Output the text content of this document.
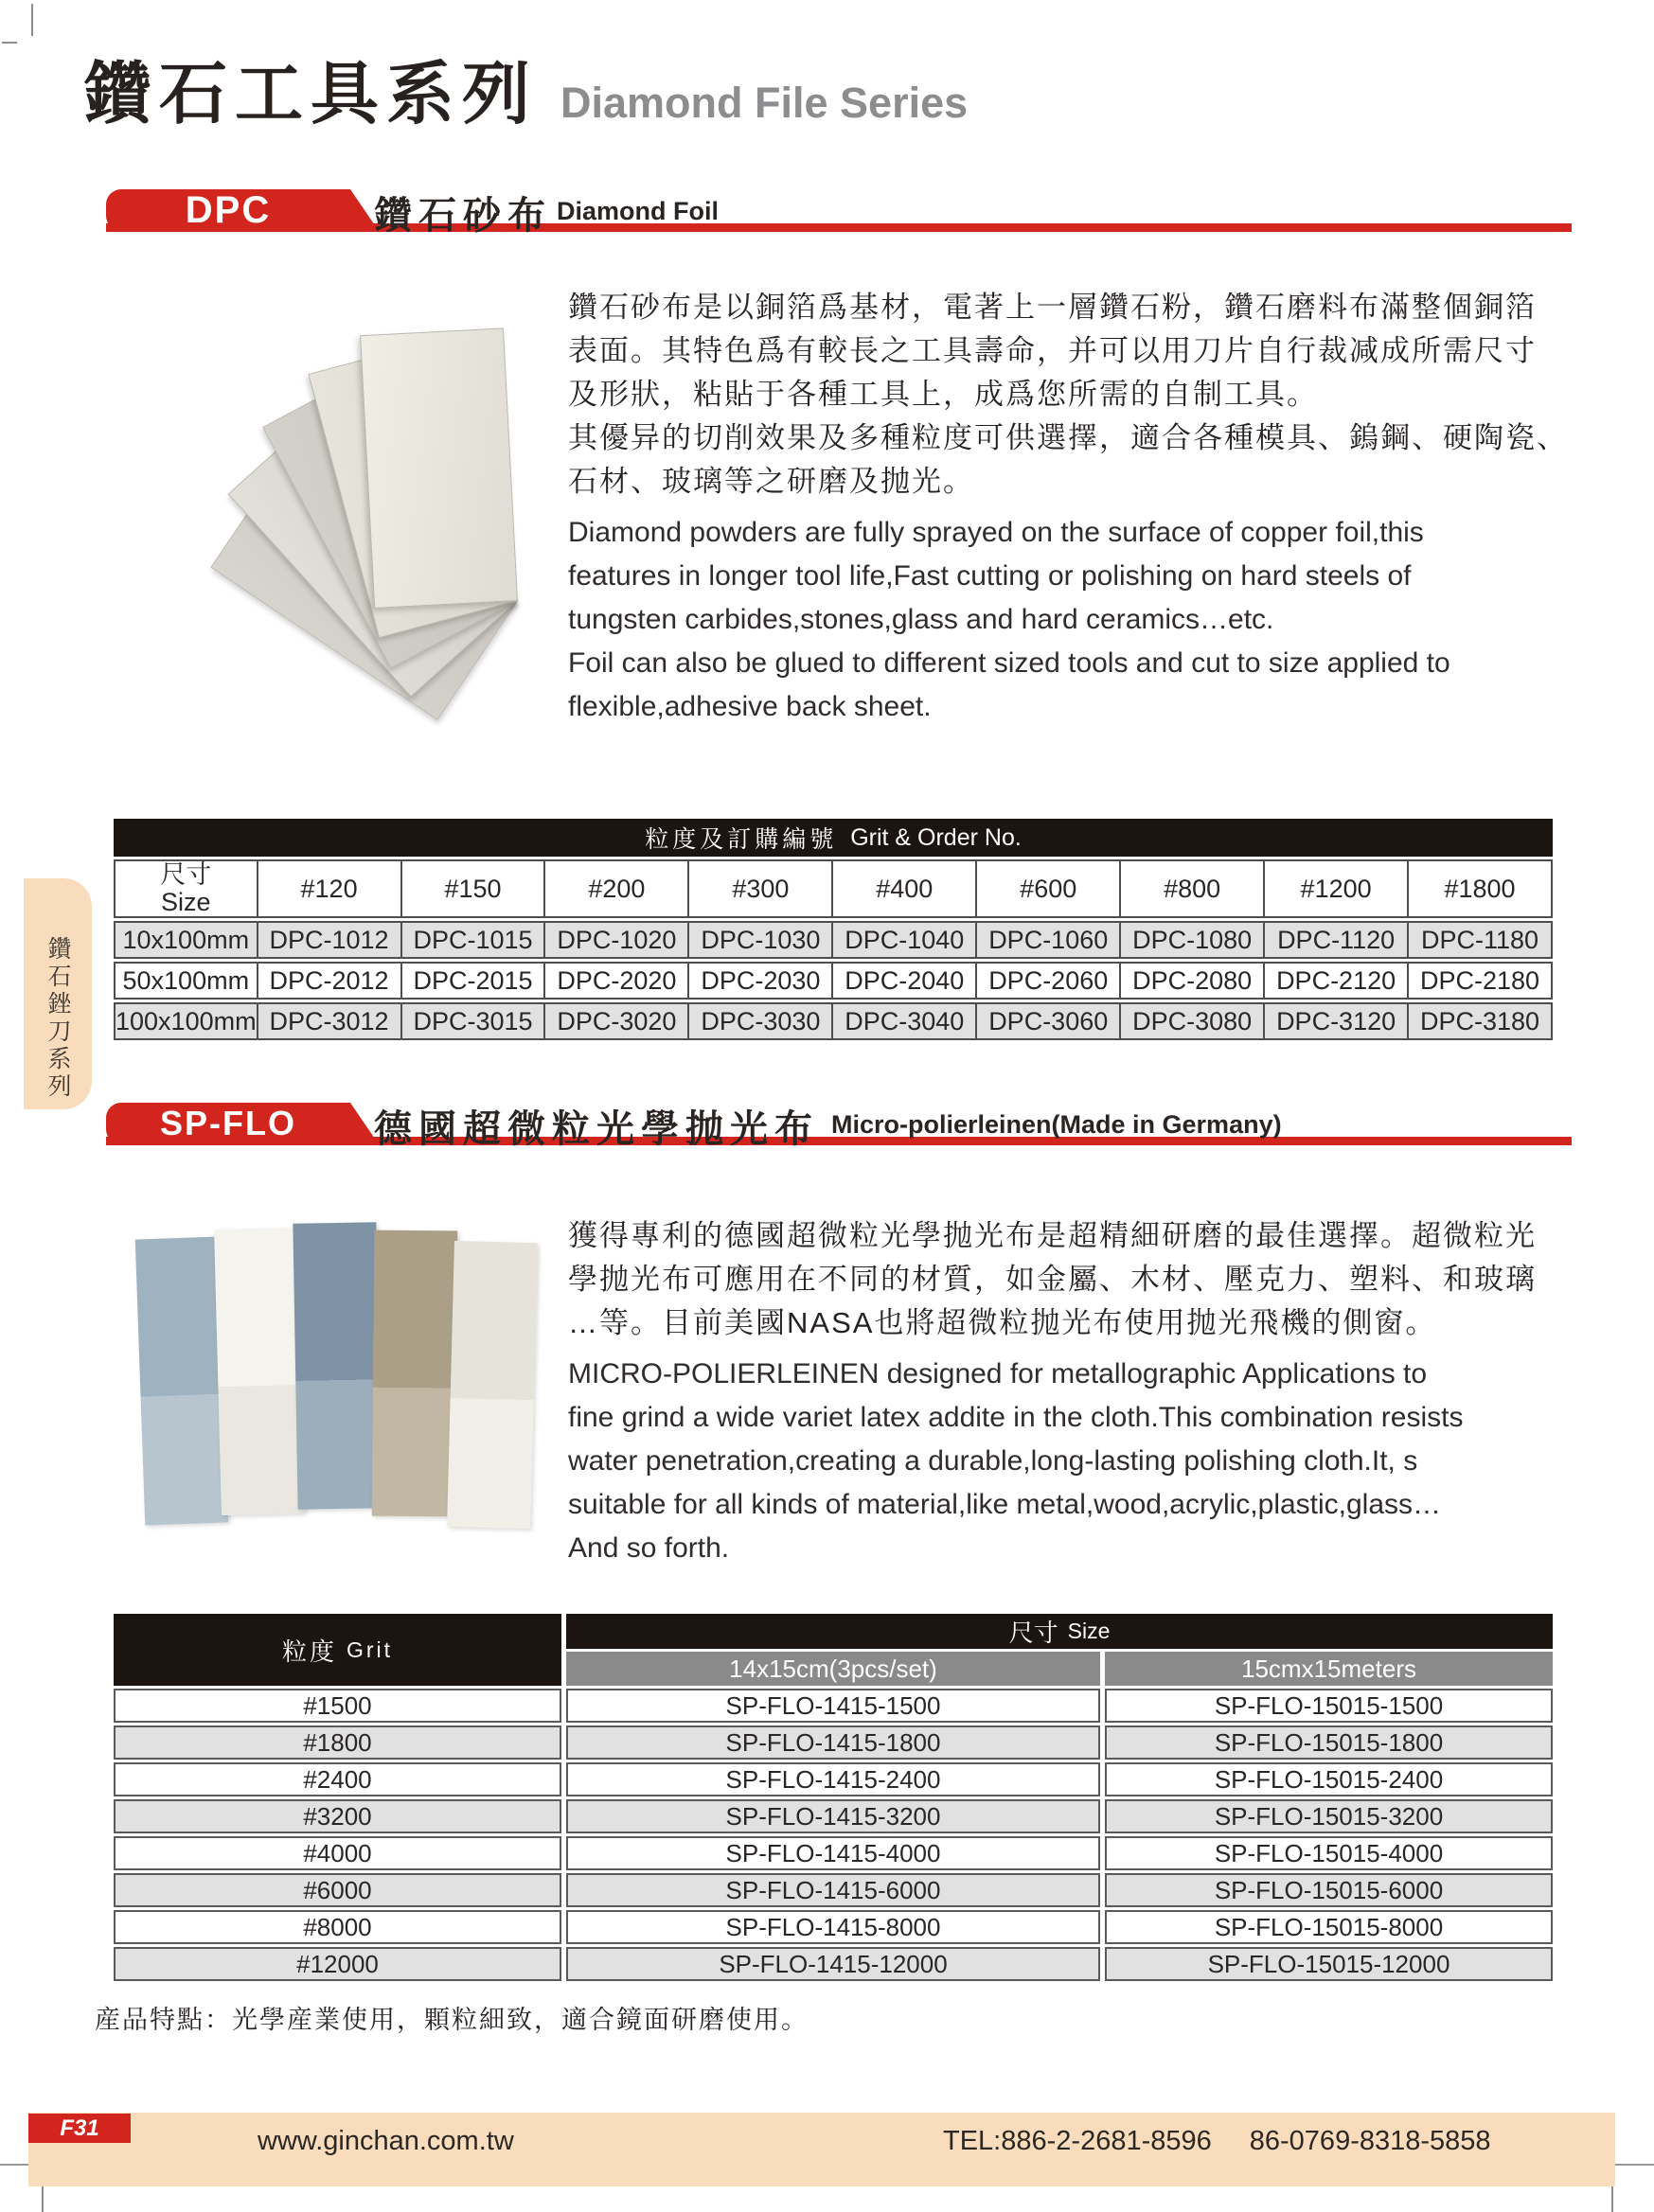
鑽石工具系列 Diamond File Series
DPC	鑽石砂布 Diamond Foil
鑽石砂布是以銅箔爲基材，電著上一層鑽石粉，鑽石磨料布滿整個銅箔
表面。其特色爲有較長之工具壽命，并可以用刀片自行裁减成所需尺寸
及形狀，粘貼于各種工具上，成爲您所需的自制工具。
其優异的切削效果及多種粒度可供選擇，適合各種模具、鎢鋼、硬陶瓷、
石材、玻璃等之研磨及抛光。
Diamond powders are fully sprayed on the surface of copper foil,this
features in longer tool life,Fast cutting or polishing on hard steels of
tungsten carbides,stones,glass and hard ceramics…etc.
Foil can also be glued to different sized tools and cut to size applied to
flexible,adhesive back sheet.
粒度及訂購編號 Grit & Order No.
尺寸
Size	#120	#150	#200	#300	#400	#600	#800	#1200	#1800
10x100mm DPC-1012 DPC-1015 DPC-1020 DPC-1030 DPC-1040 DPC-1060 DPC-1080 DPC-1120	DPC-1180
50x100mm DPC-2012 DPC-2015 DPC-2020 DPC-2030 DPC-2040 DPC-2060 DPC-2080 DPC-2120 DPC-2180
100x100mm DPC-3012 DPC-3015 DPC-3020 DPC-3030 DPC-3040 DPC-3060 DPC-3080 DPC-3120 DPC-3180
鑽石銼刀系列
SP-FLO 德國超微粒光學抛光布 Micro-polierleinen(Made in Germany)
獲得專利的德國超微粒光學抛光布是超精細研磨的最佳選擇。超微粒光
學抛光布可應用在不同的材質，如金屬、木材、壓克力、塑料、和玻璃
…等。目前美國NASA也將超微粒抛光布使用抛光飛機的側窗。
MICRO-POLIERLEINEN designed for metallographic Applications to
fine grind a wide variet latex addite in the cloth.This combination resists
water penetration,creating a durable,long-lasting polishing cloth.It, s
suitable for all kinds of material,like metal,wood,acrylic,plastic,glass…
And so forth.
粒度 Grit
尺寸 Size
14x15cm(3pcs/set)	15cmx15meters
#1500	SP-FLO-1415-1500	SP-FLO-15015-1500
#1800	SP-FLO-1415-1800	SP-FLO-15015-1800
#2400	SP-FLO-1415-2400	SP-FLO-15015-2400
#3200	SP-FLO-1415-3200	SP-FLO-15015-3200
#4000	SP-FLO-1415-4000	SP-FLO-15015-4000
#6000	SP-FLO-1415-6000	SP-FLO-15015-6000
#8000	SP-FLO-1415-8000	SP-FLO-15015-8000
#12000	SP-FLO-1415-12000	SP-FLO-15015-12000
産品特點：光學産業使用，顆粒細致，適合鏡面研磨使用。
F31	www.ginchan.com.tw	TEL:886-2-2681-8596 86-0769-8318-5858
